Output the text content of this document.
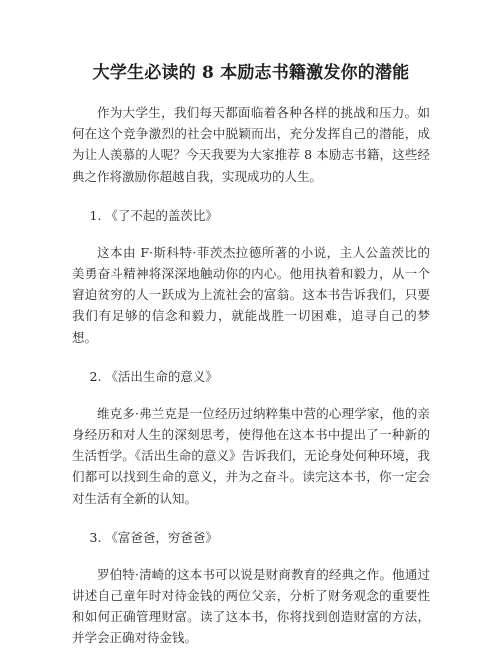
大学生必读的 8 本励志书籍激发你的潜能

作为大学生，我们每天都面临着各种各样的挑战和压力。如何在这个竞争激烈的社会中脱颖而出，充分发挥自己的潜能，成为让人羡慕的人呢？今天我要为大家推荐 8 本励志书籍，这些经典之作将激励你超越自我，实现成功的人生。

1. 《了不起的盖茨比》

这本由 F·斯科特·菲茨杰拉德所著的小说，主人公盖茨比的美勇奋斗精神将深深地触动你的内心。他用执着和毅力，从一个窘迫贫穷的人一跃成为上流社会的富翁。这本书告诉我们，只要我们有足够的信念和毅力，就能战胜一切困难，追寻自己的梦想。

2. 《活出生命的意义》

维克多·弗兰克是一位经历过纳粹集中营的心理学家，他的亲身经历和对人生的深刻思考，使得他在这本书中提出了一种新的生活哲学。《活出生命的意义》告诉我们，无论身处何种环境，我们都可以找到生命的意义，并为之奋斗。读完这本书，你一定会对生活有全新的认知。

3. 《富爸爸，穷爸爸》

罗伯特·清崎的这本书可以说是财商教育的经典之作。他通过讲述自己童年时对待金钱的两位父亲，分析了财务观念的重要性和如何正确管理财富。读了这本书，你将找到创造财富的方法，并学会正确对待金钱。
